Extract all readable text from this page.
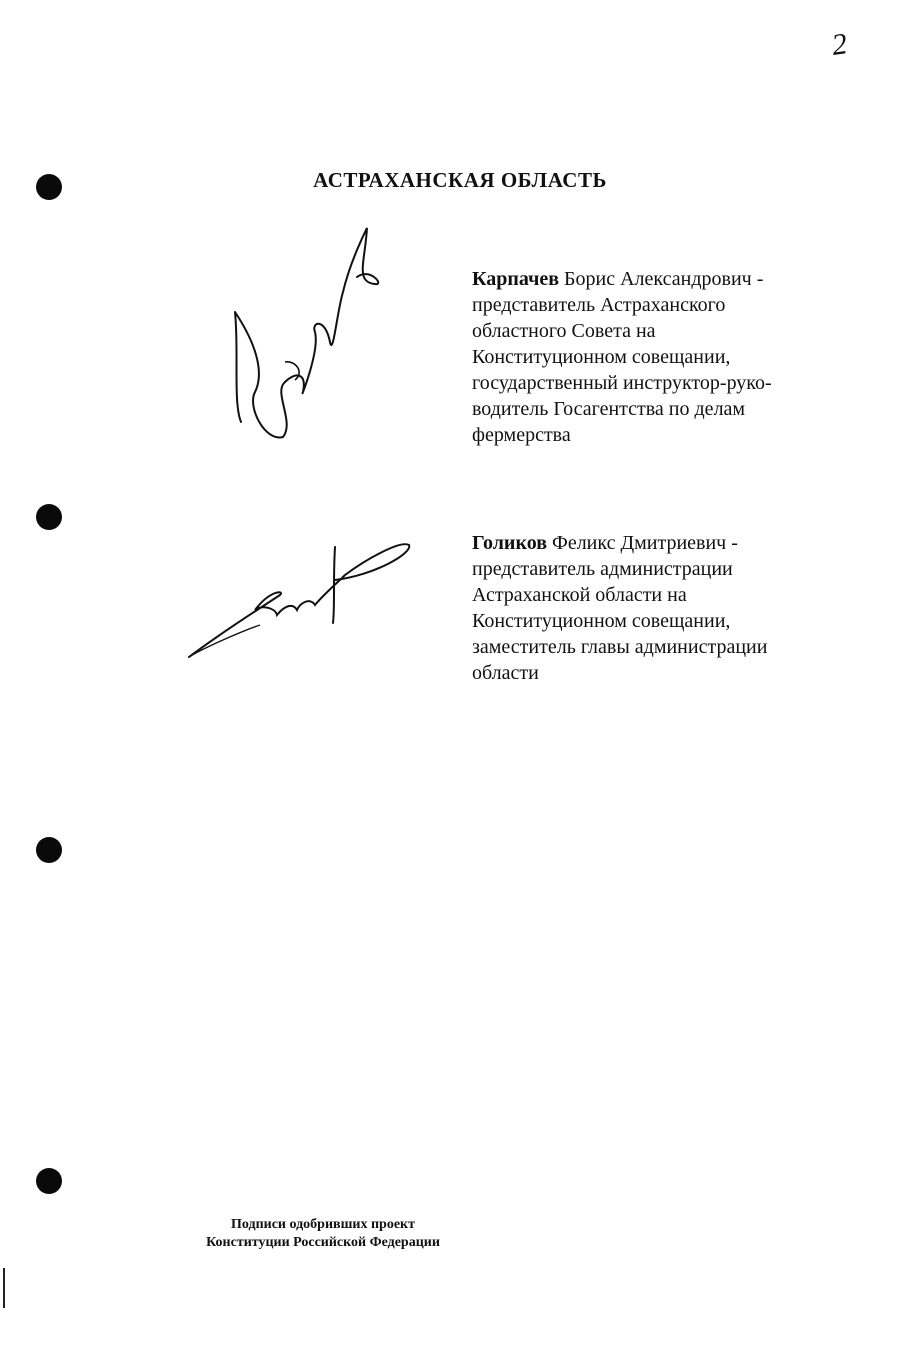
2
АСТРАХАНСКАЯ ОБЛАСТЬ
Карпачев Борис Александрович -
представитель Астраханского
областного Совета на
Конституционном совещании,
государственный инструктор-руко-
водитель Госагентства по делам
фермерства
Голиков Феликс Дмитриевич -
представитель администрации
Астраханской области на
Конституционном совещании,
заместитель главы администрации
области
Подписи одобривших проект
Конституции Российской Федерации
